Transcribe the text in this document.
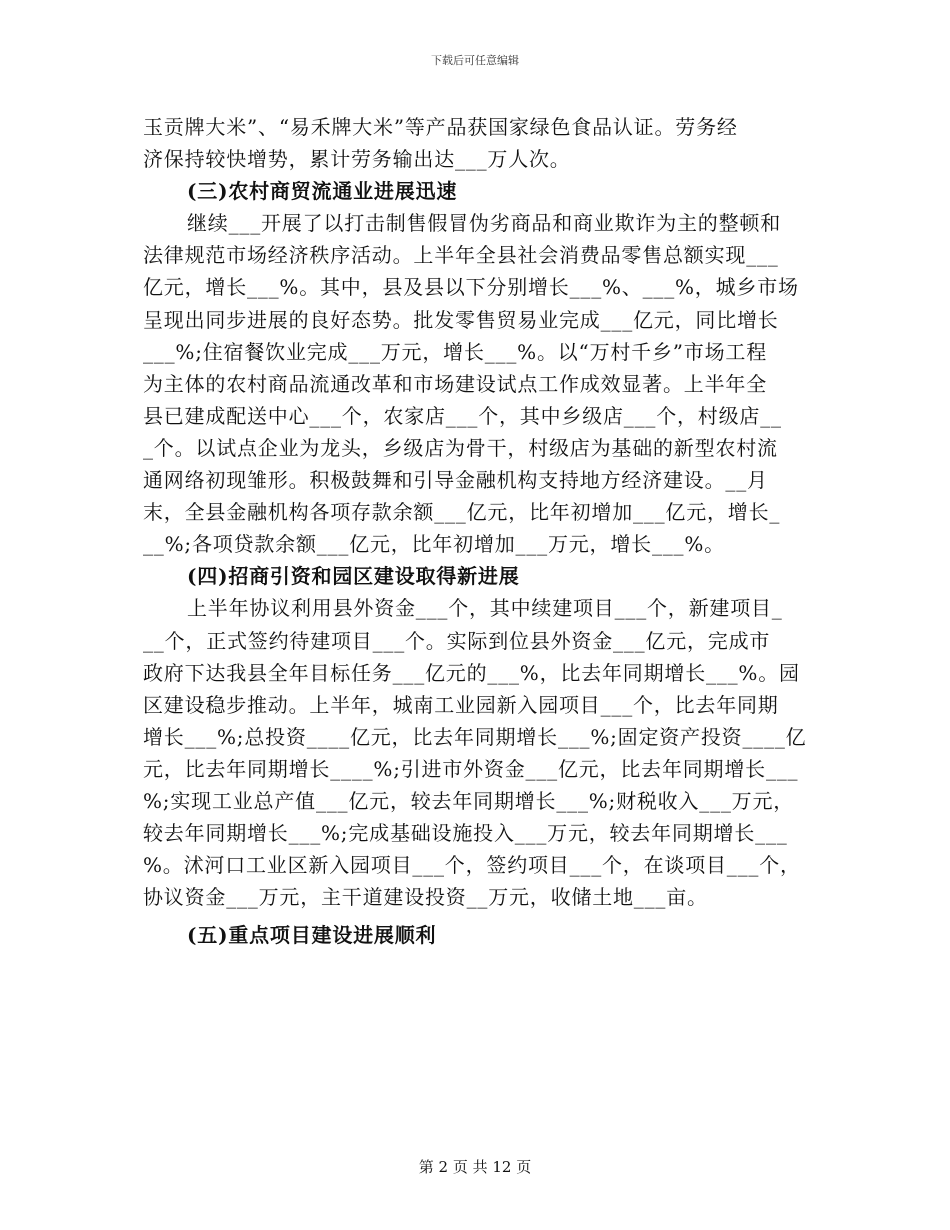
下载后可任意编辑
玉贡牌大米”、“易禾牌大米”等产品获国家绿色食品认证。劳务经
济保持较快增势，累计劳务输出达___万人次。
(三)农村商贸流通业进展迅速
继续___开展了以打击制售假冒伪劣商品和商业欺诈为主的整顿和
法律规范市场经济秩序活动。上半年全县社会消费品零售总额实现___
亿元，增长___%。其中，县及县以下分别增长___%、___%，城乡市场
呈现出同步进展的良好态势。批发零售贸易业完成___亿元，同比增长
___%;住宿餐饮业完成___万元，增长___%。以“万村千乡”市场工程
为主体的农村商品流通改革和市场建设试点工作成效显著。上半年全
县已建成配送中心___个，农家店___个，其中乡级店___个，村级店__
_个。以试点企业为龙头，乡级店为骨干，村级店为基础的新型农村流
通网络初现雏形。积极鼓舞和引导金融机构支持地方经济建设。__月
末，全县金融机构各项存款余额___亿元，比年初增加___亿元，增长_
__%;各项贷款余额___亿元，比年初增加___万元，增长___%。
(四)招商引资和园区建设取得新进展
上半年协议利用县外资金___个，其中续建项目___个，新建项目_
__个，正式签约待建项目___个。实际到位县外资金___亿元，完成市
政府下达我县全年目标任务___亿元的___%，比去年同期增长___%。园
区建设稳步推动。上半年，城南工业园新入园项目___个，比去年同期
增长___%;总投资____亿元，比去年同期增长___%;固定资产投资____亿
元，比去年同期增长____%;引进市外资金___亿元，比去年同期增长___
%;实现工业总产值___亿元，较去年同期增长___%;财税收入___万元，
较去年同期增长___%;完成基础设施投入___万元，较去年同期增长___
%。沭河口工业区新入园项目___个，签约项目___个，在谈项目___个，
协议资金___万元，主干道建设投资__万元，收储土地___亩。
(五)重点项目建设进展顺利
第 2 页 共 12 页
